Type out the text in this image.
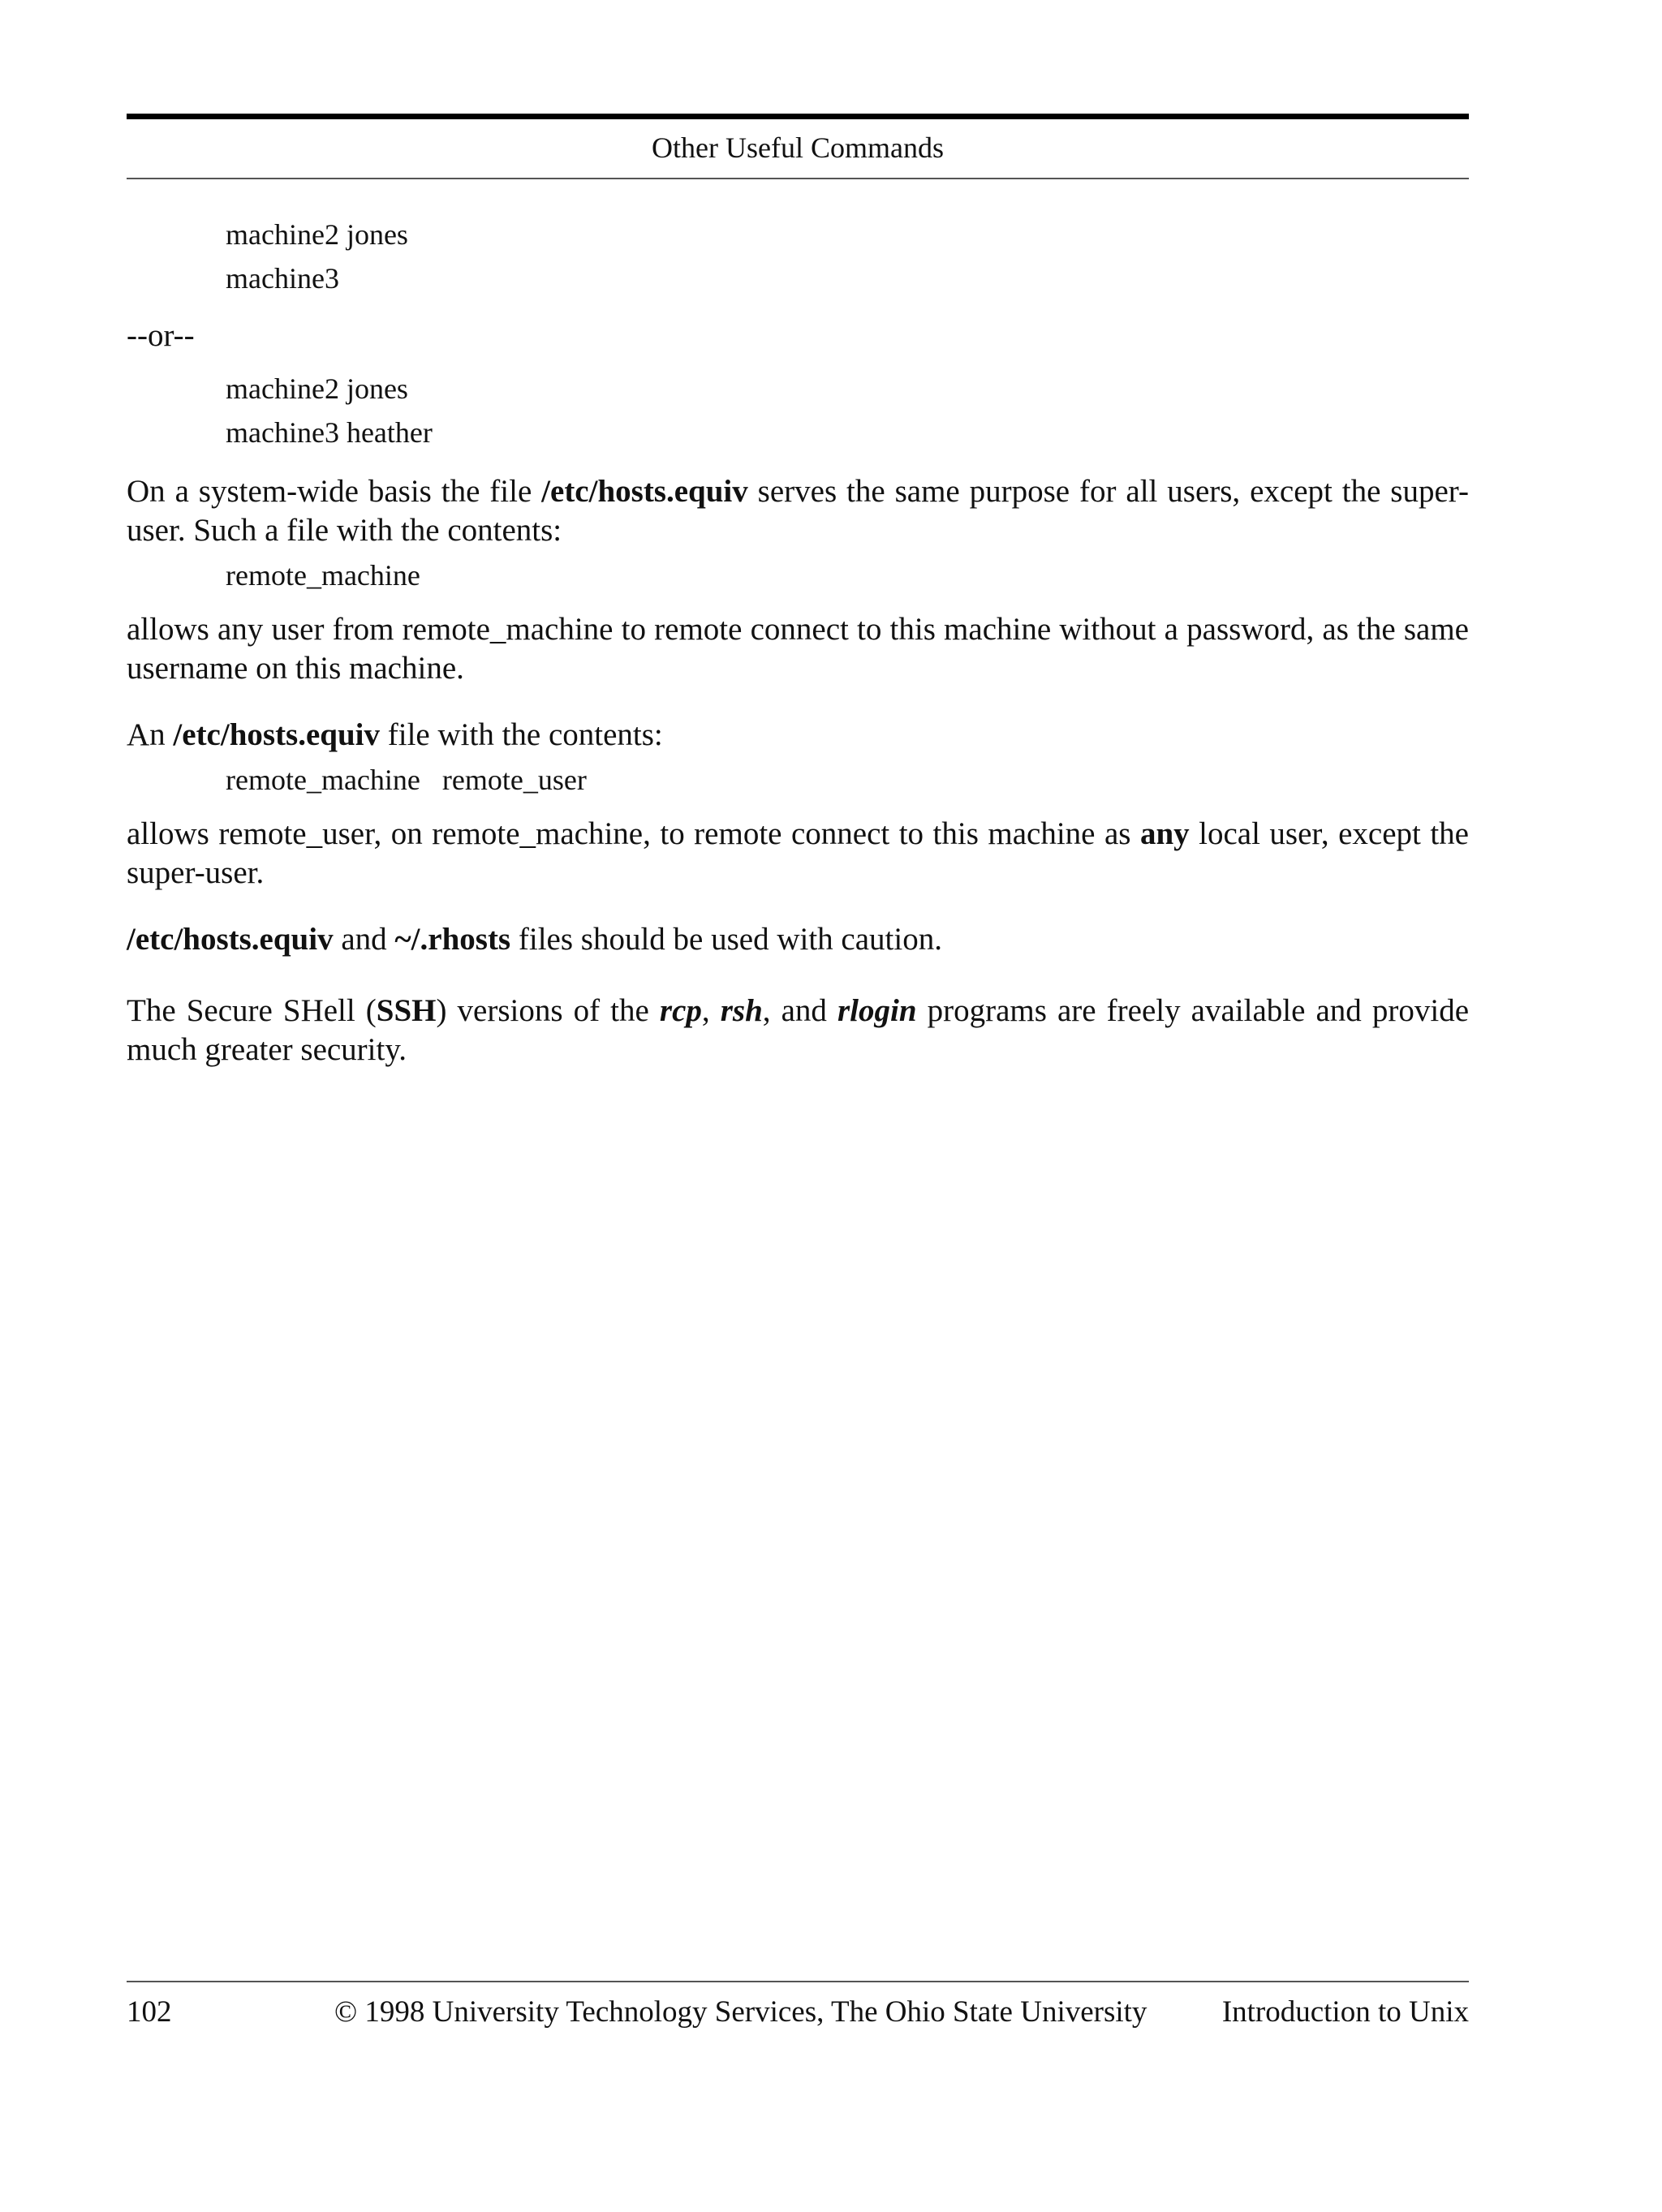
Other Useful Commands
machine2 jones
machine3

--or--

machine2 jones
machine3 heather

On a system-wide basis the file /etc/hosts.equiv serves the same purpose for all users, except the super-user. Such a file with the contents:

remote_machine

allows any user from remote_machine to remote connect to this machine without a password, as the same username on this machine.

An /etc/hosts.equiv file with the contents:

remote_machine   remote_user

allows remote_user, on remote_machine, to remote connect to this machine as any local user, except the super-user.

/etc/hosts.equiv and ~/.rhosts files should be used with caution.

The Secure SHell (SSH) versions of the rcp, rsh, and rlogin programs are freely available and provide much greater security.

102	© 1998 University Technology Services, The Ohio State University Introduction to Unix
